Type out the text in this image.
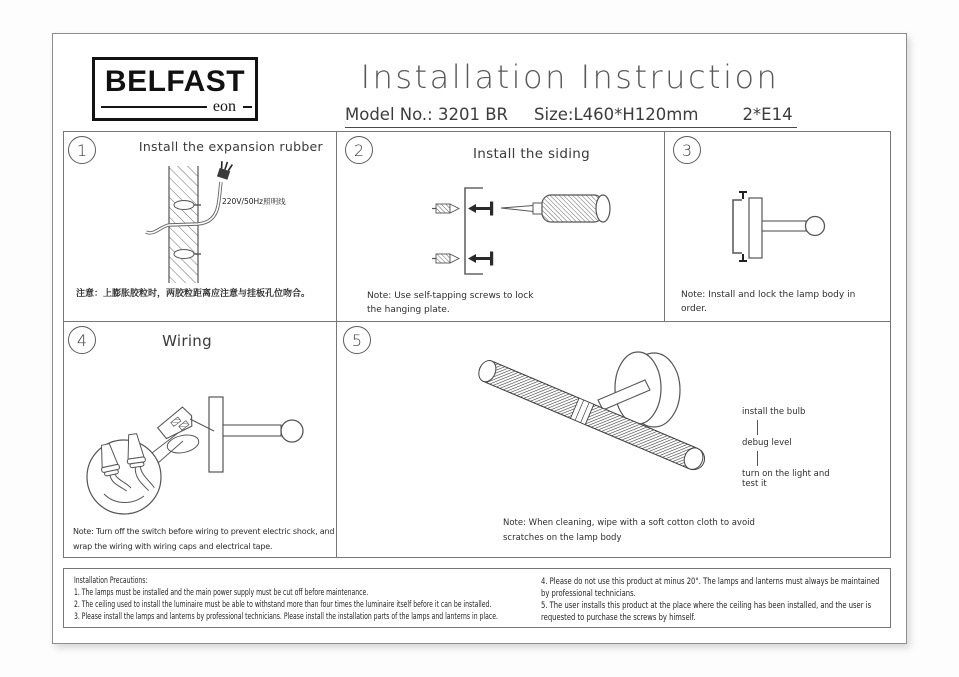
BELFAST
eon
Installation Instruction
Model No.: 3201 BR Size:L460*H120mm	2*E14
220V/50Hz照明线
1	Install the expansion rubber
注意：上膨胀胶粒时，两胶粒距离应注意与挂板孔位吻合。
2	Install the siding
Note: Use self-tapping screws to lock the hanging plate.
3
Note: Install and lock the lamp body in order.
4	Wiring
Note: Turn off the switch before wiring to prevent electric shock, and wrap the wiring with wiring caps and electrical tape.
install the bulb
debug level
turn on the light and test it
5
Note: When cleaning, wipe with a soft cotton cloth to avoid scratches on the lamp body
Installation Precautions:
1. The lamps must be installed and the main power supply must be cut off before maintenance.
2. The ceiling used to install the luminaire must be able to withstand more than four times the luminaire itself before it can be installed.
3. Please install the lamps and lanterns by professional technicians. Please install the installation parts of the lamps and lanterns in place.
4. Please do not use this product at minus 20°. The lamps and lanterns must always be maintained by professional technicians.
5. The user installs this product at the place where the ceiling has been installed, and the user is requested to purchase the screws by himself.
